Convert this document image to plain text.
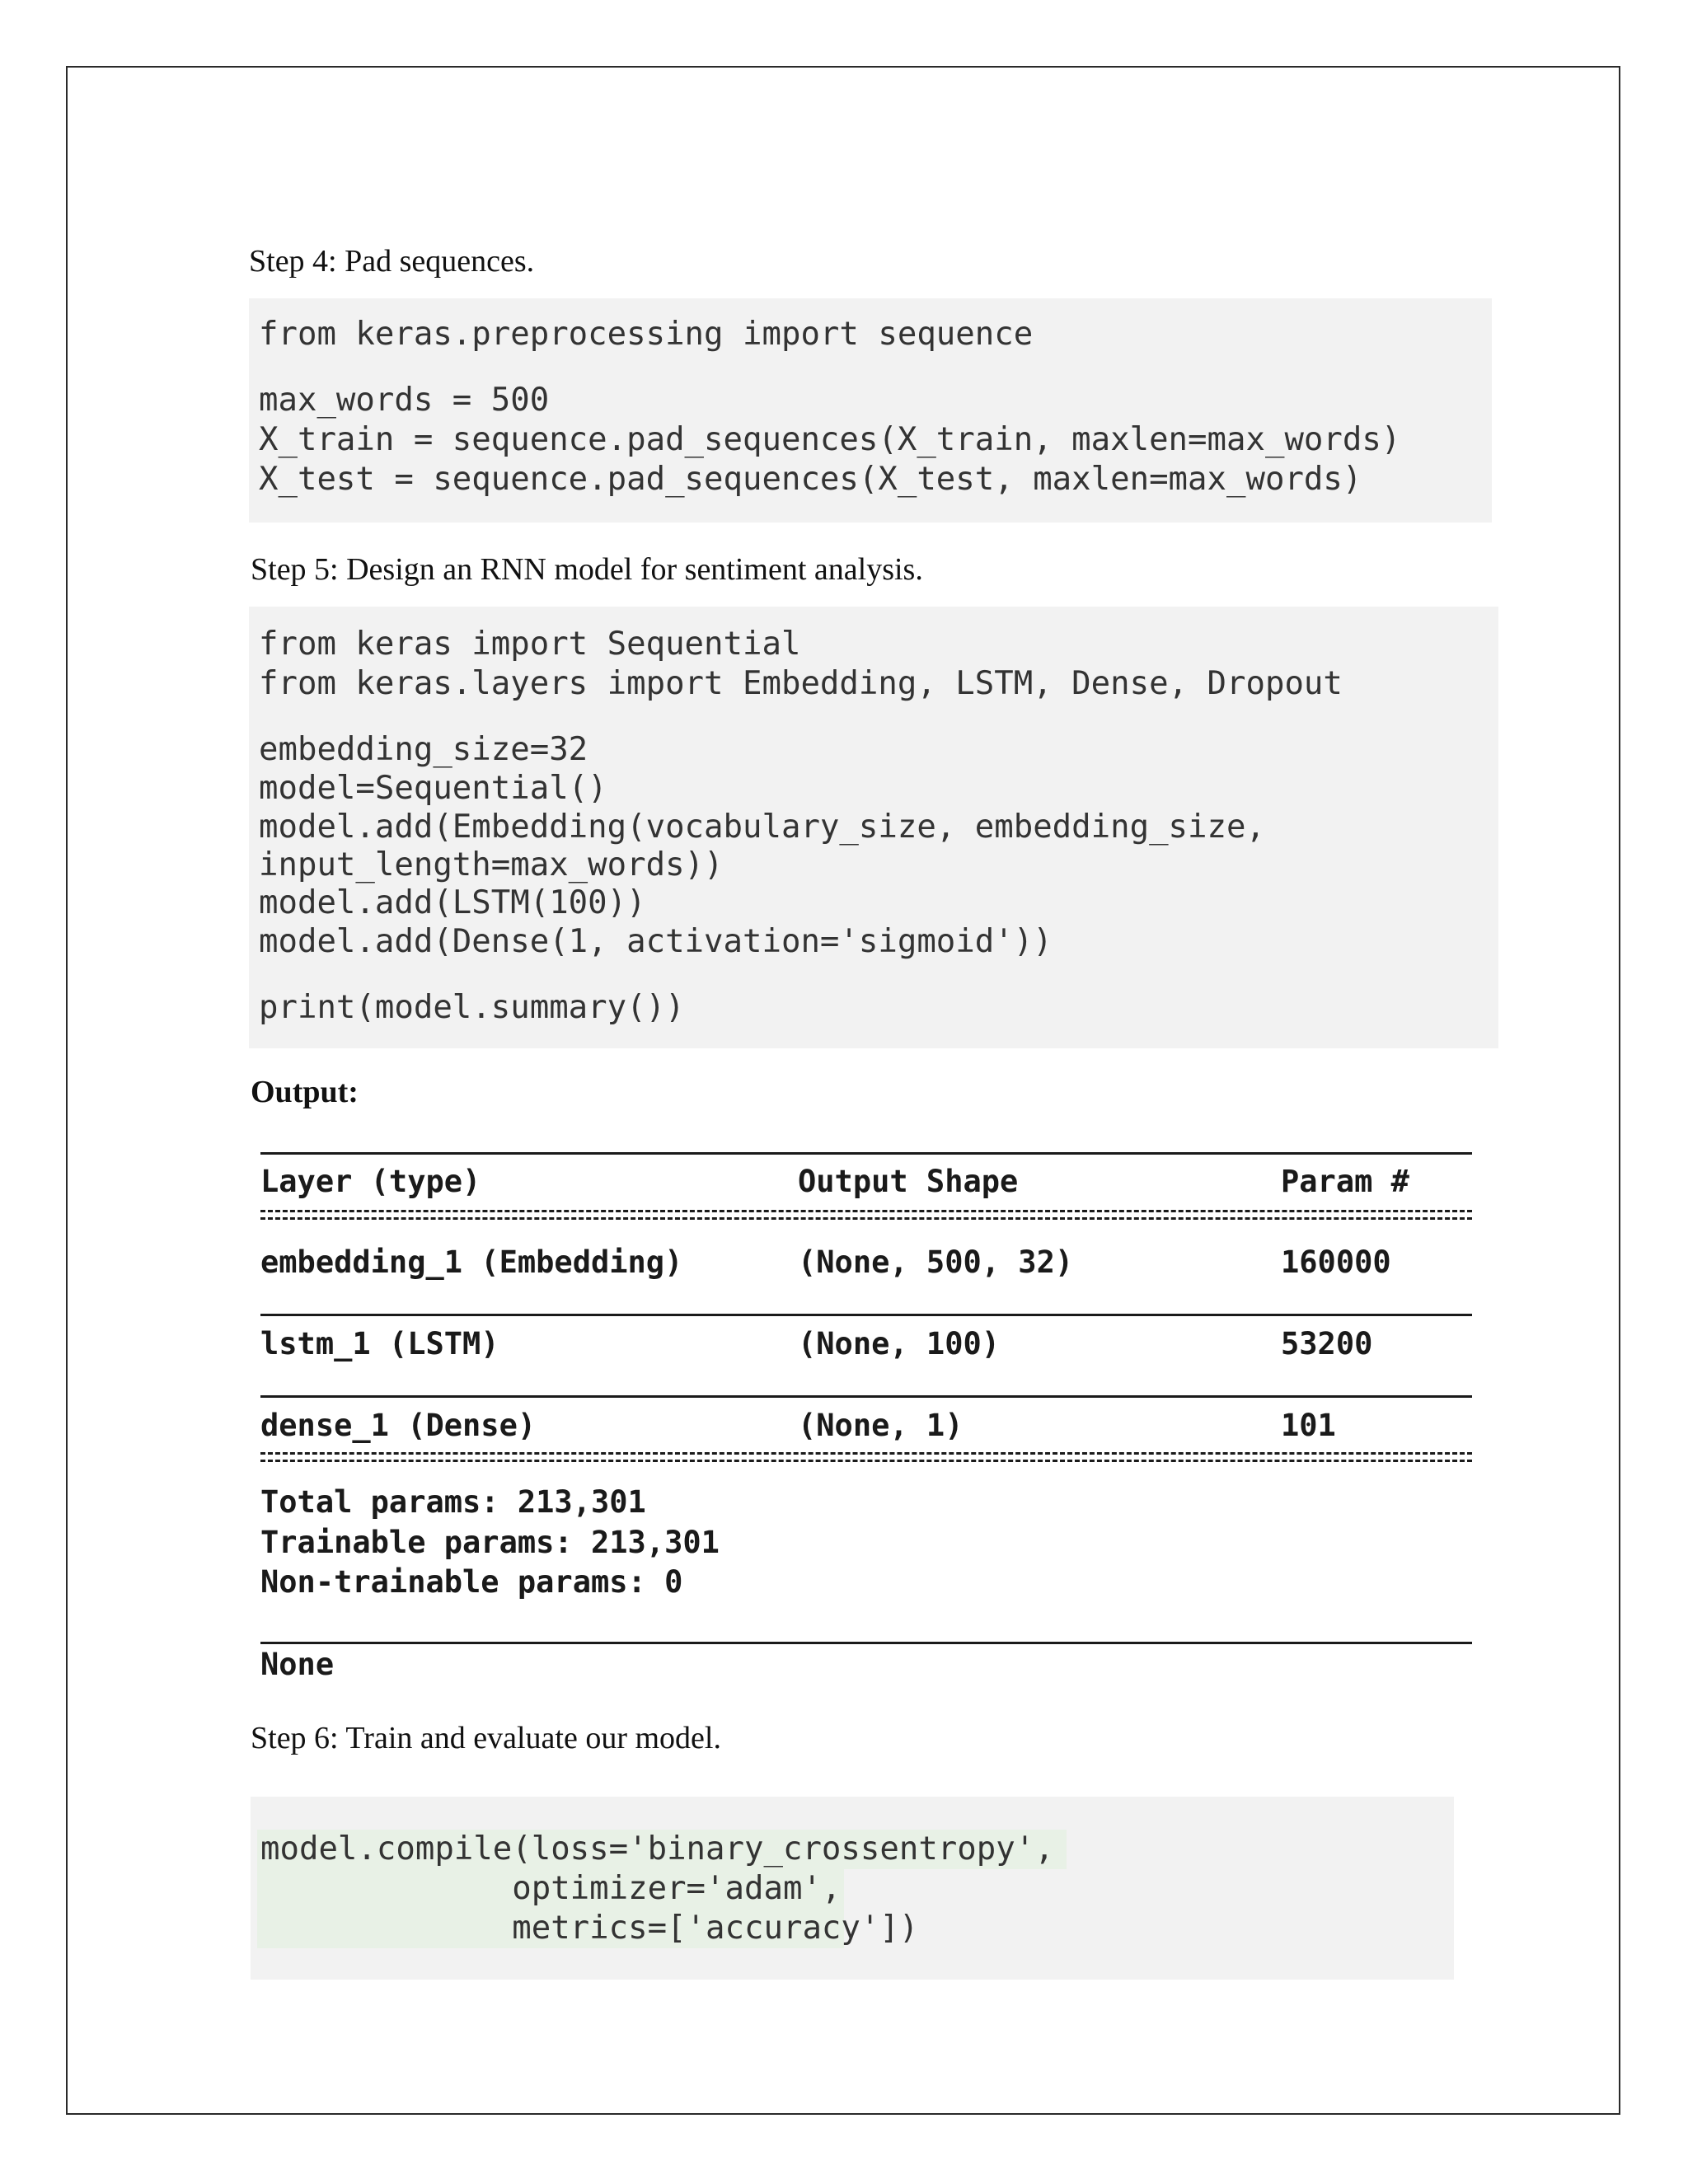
Step 4: Pad sequences.

from keras.preprocessing import sequence
max_words = 500
X_train = sequence.pad_sequences(X_train, maxlen=max_words)
X_test = sequence.pad_sequences(X_test, maxlen=max_words)

Step 5: Design an RNN model for sentiment analysis.

from keras import Sequential
from keras.layers import Embedding, LSTM, Dense, Dropout
embedding_size=32
model=Sequential()
model.add(Embedding(vocabulary_size, embedding_size,
input_length=max_words))
model.add(LSTM(100))
model.add(Dense(1, activation='sigmoid'))
print(model.summary())

Output:

Layer (type)	Output Shape	Param #
embedding_1 (Embedding)	(None, 500, 32)	160000
lstm_1 (LSTM)	(None, 100)	53200
dense_1 (Dense)	(None, 1)	101
Total params: 213,301
Trainable params: 213,301
Non-trainable params: 0
None

Step 6: Train and evaluate our model.

model.compile(loss='binary_crossentropy',
optimizer='adam',
metrics=['accuracy'])
